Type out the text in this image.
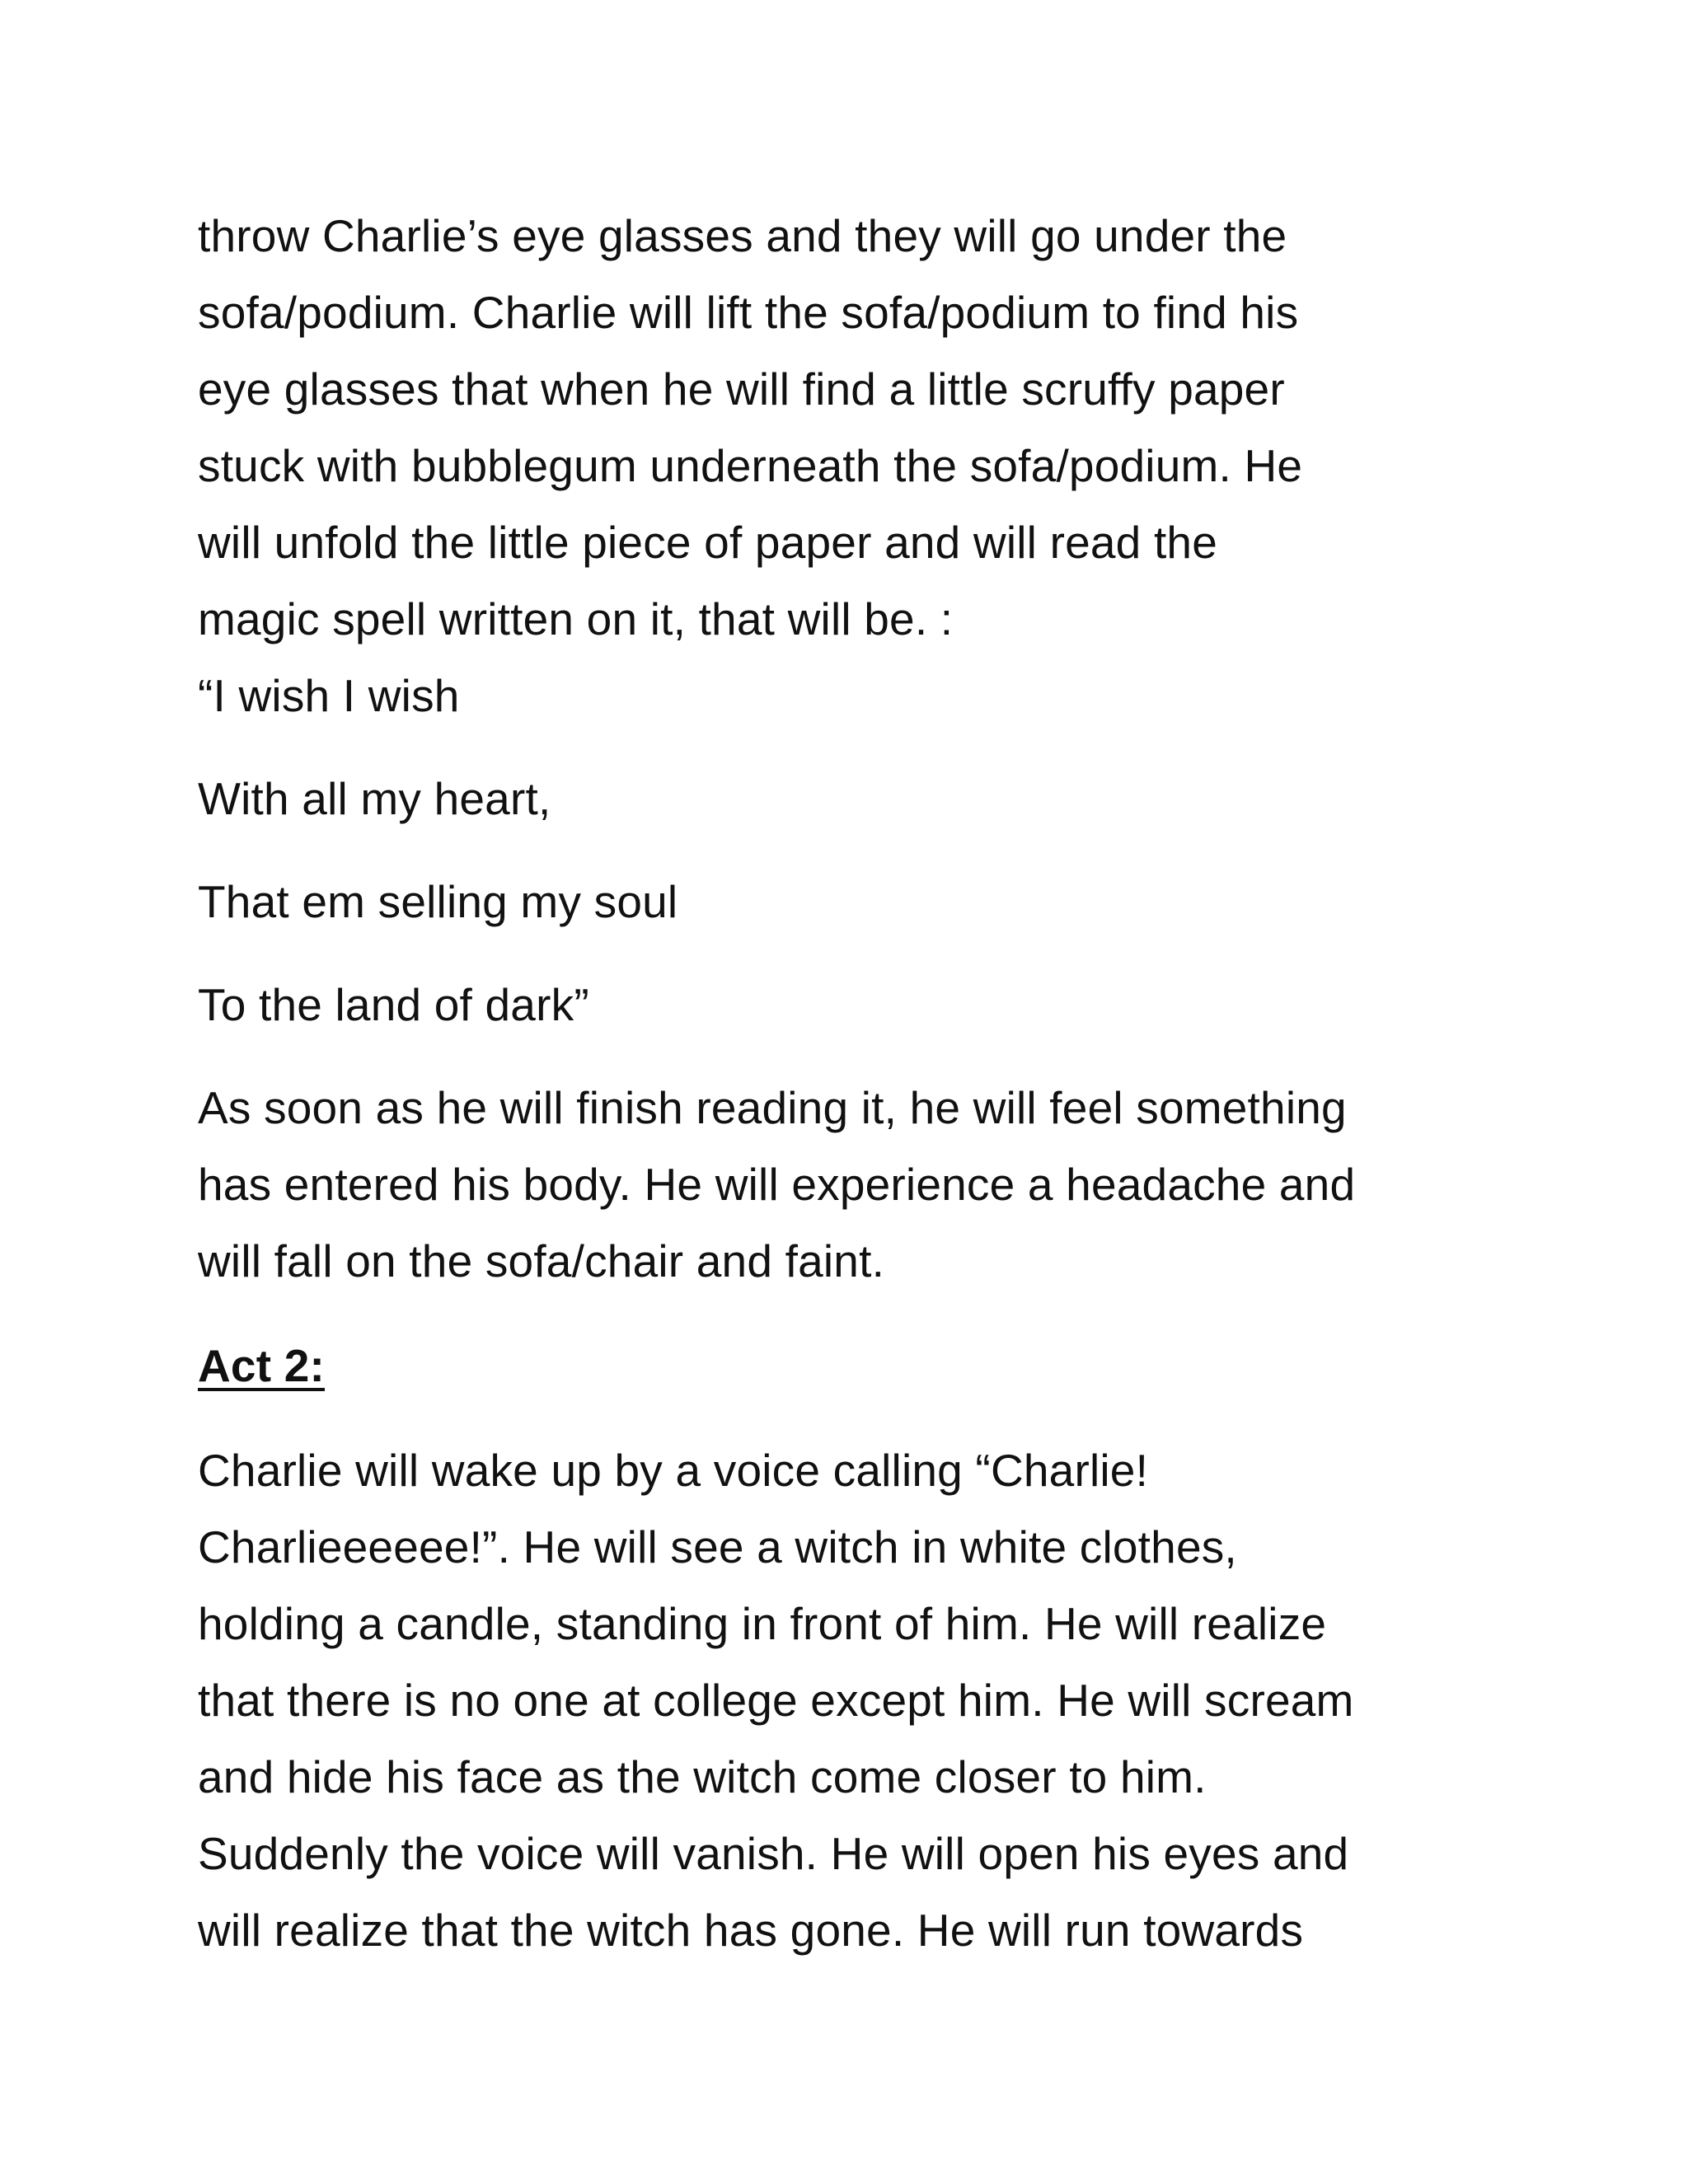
throw Charlie’s eye glasses and they will go under the
sofa/podium. Charlie will lift the sofa/podium to find his
eye glasses that when he will find a little scruffy paper
stuck with bubblegum underneath the sofa/podium. He
will unfold the little piece of paper and will read the
magic spell written on it, that will be. :
“I wish I wish
With all my heart,
That em selling my soul
To the land of dark”
As soon as he will finish reading it, he will feel something
has entered his body. He will experience a headache and
will fall on the sofa/chair and faint.
Act 2:
Charlie will wake up by a voice calling “Charlie!
Charlieeeeee!”. He will see a witch in white clothes,
holding a candle, standing in front of him. He will realize
that there is no one at college except him. He will scream
and hide his face as the witch come closer to him.
Suddenly the voice will vanish. He will open his eyes and
will realize that the witch has gone. He will run towards
